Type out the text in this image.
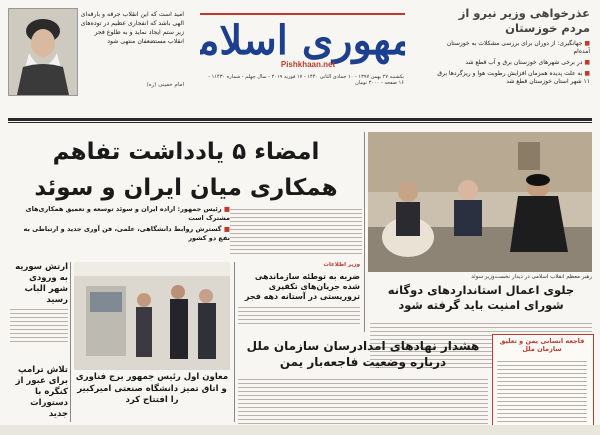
امید است که این انقلاب جرقه و بارقه‌ای الهی باشد که انفجاری عظیم در توده‌های زیر ستم ایجاد نماید و به طلوع فجر انقلاب مستضعفان منتهی شود
امام خمینی (ره)
مهوری اسلام
Pishkhaan.net
یکشنبه ۲۷ بهمن ۱۳۹۷ - ۱۰ جمادی الثانی ۱۴۴۰ - ۱۷ فوریه ۲۰۱۹ - سال چهلم - شماره ۱۱۴۳۰ - ۱۶ صفحه - ۳۰۰۰ تومان
عذرخواهی وزیر نیرو از مردم خوزستان
■ جهانگیری: از دوران برای بررسی مشکلات به خوزستان آمده‌ام
■ در برخی شهرهای خوزستان برق و آب قطع شد
■ به علت پدیده همزمان افزایش رطوبت هوا و ریزگردها برق ۱۱ شهر استان خوزستان قطع شد
امضاء ۵ یادداشت تفاهم همکاری میان ایران و سوئد
رهبر معظم انقلاب اسلامی در دیدار نخست‌وزیر سوئد
جلوی اعمال استانداردهای دوگانه شورای امنیت باید گرفته شود
■ رئیس جمهور: اراده ایران و سوئد توسعه و تعمیق همکاری‌های مشترک است
■ گسترش روابط دانشگاهی، علمی، فن آوری جدید و ارتباطی به نفع دو کشور
ارتش سوریه به ورودی شهر الباب رسید
تلاش ترامپ برای عبور از کنگره با دستورات جدید
معاون اول رئیس جمهور برج فناوری و اتاق تمیز دانشگاه صنعتی امیرکبیر را افتتاح کرد
وزیر اطلاعات
ضربه به توطئه سازماندهی شده جریان‌های تکفیری تروریستی در آستانه دهه فجر
هشدار نهادهای امدادرسان سازمان ملل درباره وضعیت فاجعه‌بار یمن
فاجعه انسانی یمن و تعلیق سازمان ملل
